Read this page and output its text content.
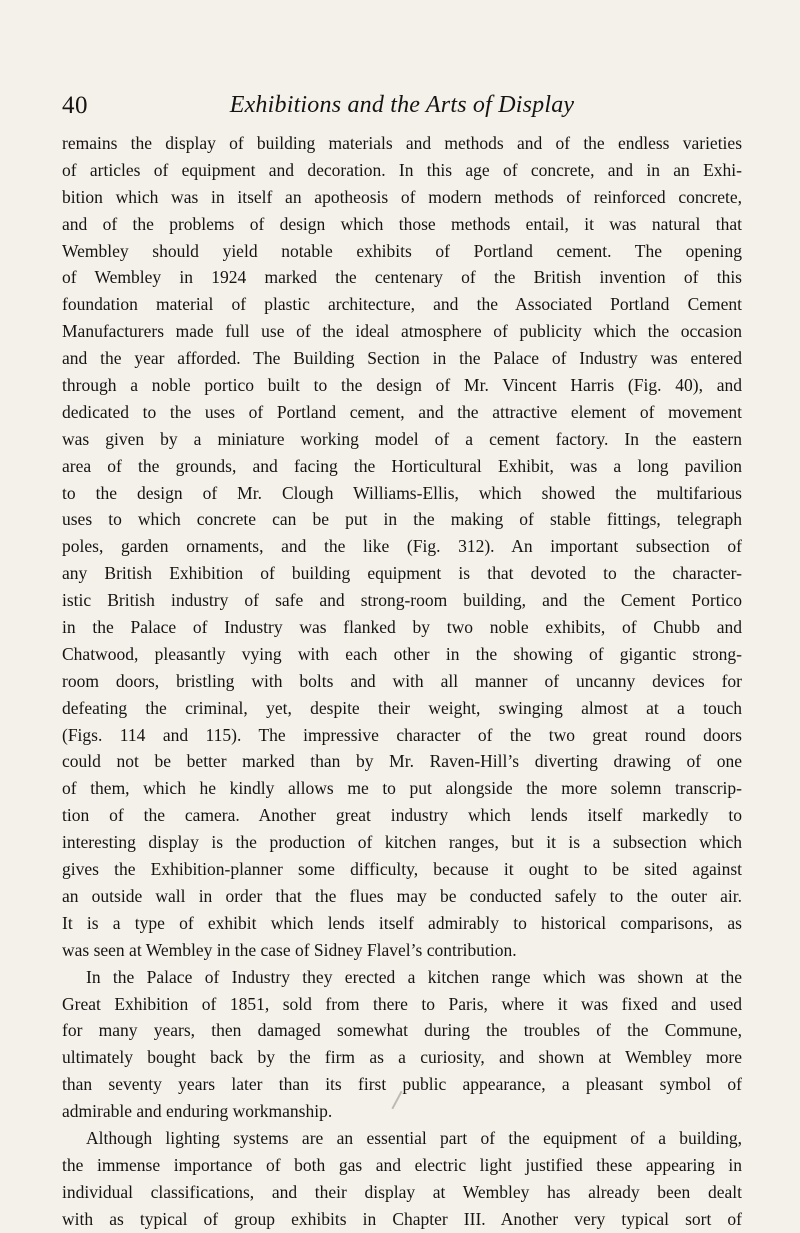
40	Exhibitions and the Arts of Display
remains the display of building materials and methods and of the endless varieties
of articles of equipment and decoration. In this age of concrete, and in an Exhi-
bition which was in itself an apotheosis of modern methods of reinforced concrete,
and of the problems of design which those methods entail, it was natural that
Wembley should yield notable exhibits of Portland cement. The opening
of Wembley in 1924 marked the centenary of the British invention of this
foundation material of plastic architecture, and the Associated Portland Cement
Manufacturers made full use of the ideal atmosphere of publicity which the occasion
and the year afforded. The Building Section in the Palace of Industry was entered
through a noble portico built to the design of Mr. Vincent Harris (Fig. 40), and
dedicated to the uses of Portland cement, and the attractive element of movement
was given by a miniature working model of a cement factory. In the eastern
area of the grounds, and facing the Horticultural Exhibit, was a long pavilion
to the design of Mr. Clough Williams-Ellis, which showed the multifarious
uses to which concrete can be put in the making of stable fittings, telegraph
poles, garden ornaments, and the like (Fig. 312). An important subsection of
any British Exhibition of building equipment is that devoted to the character-
istic British industry of safe and strong-room building, and the Cement Portico
in the Palace of Industry was flanked by two noble exhibits, of Chubb and
Chatwood, pleasantly vying with each other in the showing of gigantic strong-
room doors, bristling with bolts and with all manner of uncanny devices for
defeating the criminal, yet, despite their weight, swinging almost at a touch
(Figs. 114 and 115). The impressive character of the two great round doors
could not be better marked than by Mr. Raven-Hill’s diverting drawing of one
of them, which he kindly allows me to put alongside the more solemn transcrip-
tion of the camera. Another great industry which lends itself markedly to
interesting display is the production of kitchen ranges, but it is a subsection which
gives the Exhibition-planner some difficulty, because it ought to be sited against
an outside wall in order that the flues may be conducted safely to the outer air.
It is a type of exhibit which lends itself admirably to historical comparisons, as
was seen at Wembley in the case of Sidney Flavel’s contribution.
In the Palace of Industry they erected a kitchen range which was shown at the
Great Exhibition of 1851, sold from there to Paris, where it was fixed and used
for many years, then damaged somewhat during the troubles of the Commune,
ultimately bought back by the firm as a curiosity, and shown at Wembley more
than seventy years later than its first public appearance, a pleasant symbol of
admirable and enduring workmanship.
Although lighting systems are an essential part of the equipment of a building,
the immense importance of both gas and electric light justified these appearing in
individual classifications, and their display at Wembley has already been dealt
with as typical of group exhibits in Chapter III. Another very typical sort of
